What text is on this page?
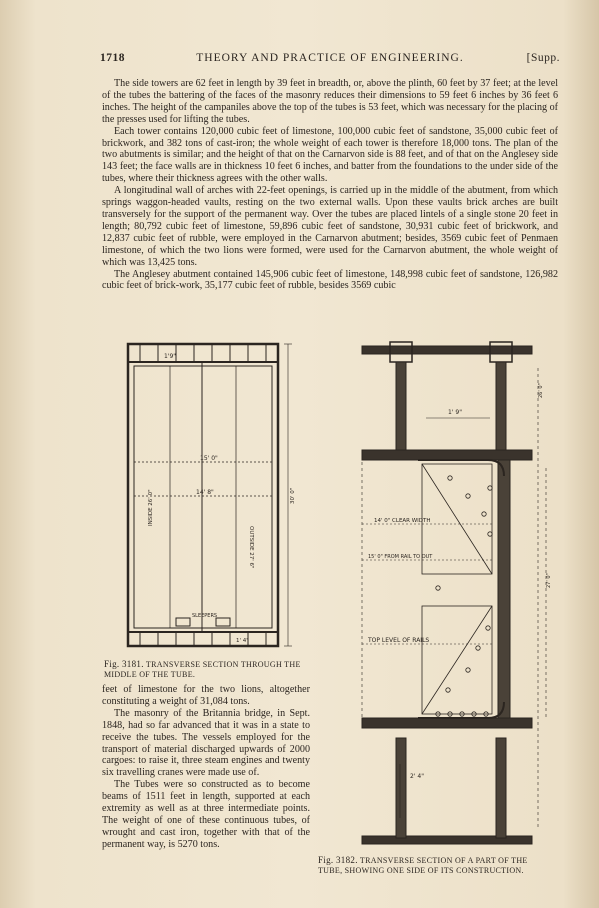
1718	THEORY AND PRACTICE OF ENGINEERING.	[Supp.

The side towers are 62 feet in length by 39 feet in breadth, or, above the plinth, 60 feet by 37 feet; at the level of the tubes the battering of the faces of the masonry reduces their dimensions to 59 feet 6 inches by 36 feet 6 inches. The height of the campaniles above the top of the tubes is 53 feet, which was necessary for the placing of the presses used for lifting the tubes.

Each tower contains 120,000 cubic feet of limestone, 100,000 cubic feet of sandstone, 35,000 cubic feet of brickwork, and 382 tons of cast-iron; the whole weight of each tower is therefore 18,000 tons. The plan of the two abutments is similar; and the height of that on the Carnarvon side is 88 feet, and of that on the Anglesey side 143 feet; the face walls are in thickness 10 feet 6 inches, and batter from the foundations to the under side of the tubes, where their thickness agrees with the other walls.

A longitudinal wall of arches with 22-feet openings, is carried up in the middle of the abutment, from which springs waggon-headed vaults, resting on the two external walls. Upon these vaults brick arches are built transversely for the support of the permanent way. Over the tubes are placed lintels of a single stone 20 feet in length; 80,792 cubic feet of limestone, 59,896 cubic feet of sandstone, 30,931 cubic feet of brickwork, and 12,837 cubic feet of rubble, were employed in the Carnarvon abutment; besides, 3569 cubic feet of Penmaen limestone, of which the two lions were formed, were used for the Carnarvon abutment, the whole weight of which was 13,425 tons.

The Anglesey abutment contained 145,906 cubic feet of limestone, 148,998 cubic feet of sandstone, 126,982 cubic feet of brick-work, 35,177 cubic feet of rubble, besides 3569 cubic

1'9"
15' 0"
14' 8"
INSIDE 26' 0"
OUTSIDE 27' 6"
30' 0"
SLEEPERS
1' 4"
Fig. 3181. TRANSVERSE SECTION THROUGH THE MIDDLE OF THE TUBE.

feet of limestone for the two lions, altogether constituting a weight of 31,084 tons.

The masonry of the Britannia bridge, in Sept. 1848, had so far advanced that it was in a state to receive the tubes. The vessels employed for the transport of material discharged upwards of 2000 cargoes: to raise it, three steam engines and twenty six travelling cranes were made use of.

The Tubes were so constructed as to become beams of 1511 feet in length, supported at each extremity as well as at three intermediate points. The weight of one of these continuous tubes, of wrought and cast iron, together with that of the permanent way, is 5270 tons.

1' 9"
14' 0" CLEAR WIDTH
15' 0" FROM RAIL TO OUT
TOP LEVEL OF RAILS
2' 4"
26' 0"
27' 0"
Fig. 3182. TRANSVERSE SECTION OF A PART OF THE TUBE, SHOWING ONE SIDE OF ITS CONSTRUCTION.
